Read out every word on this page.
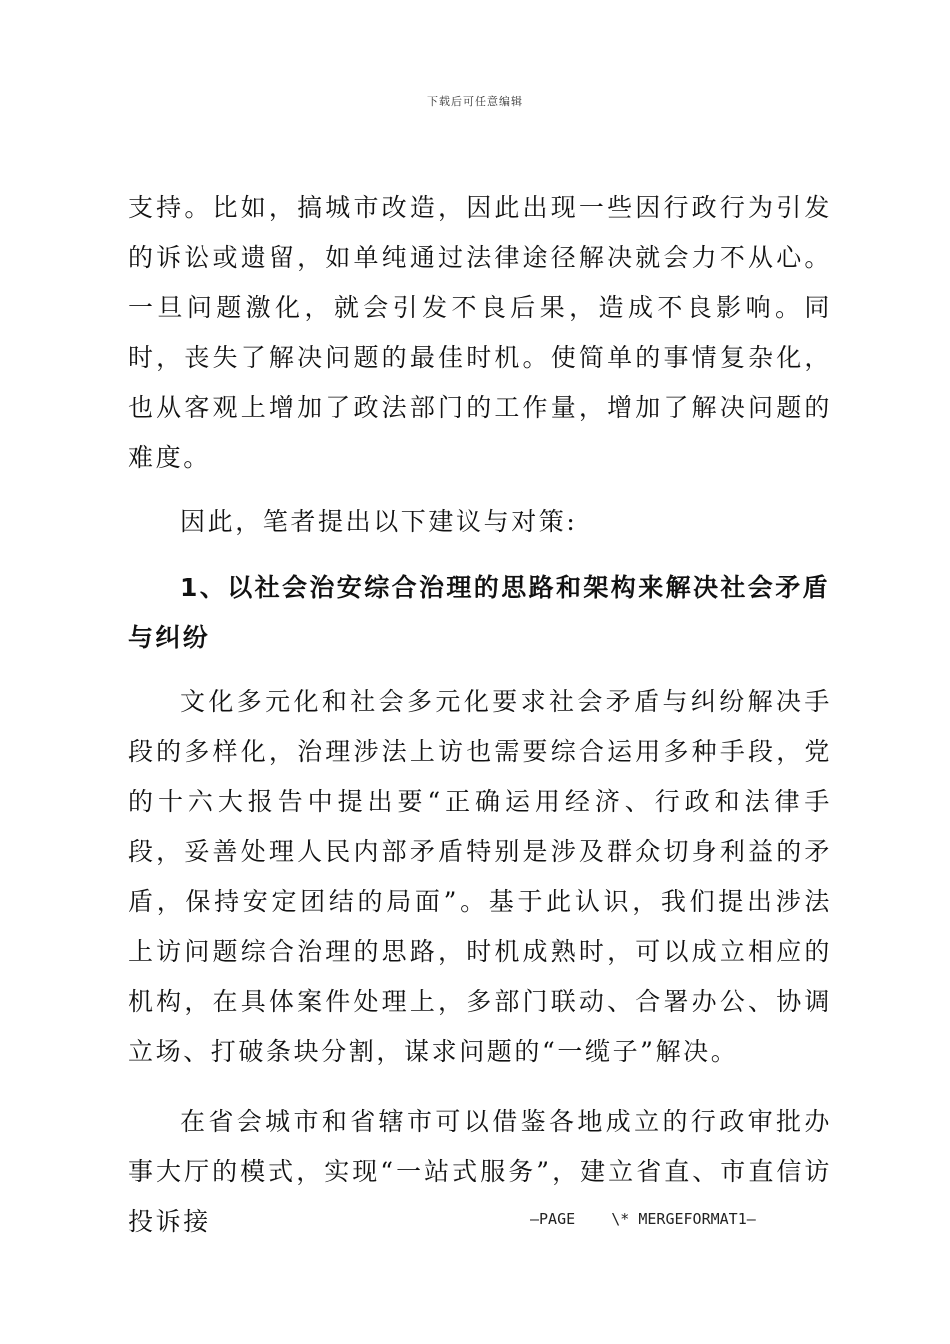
下载后可任意编辑

支持。比如，搞城市改造，因此出现一些因行政行为引发的诉讼或遗留，如单纯通过法律途径解决就会力不从心。一旦问题激化，就会引发不良后果，造成不良影响。同时，丧失了解决问题的最佳时机。使简单的事情复杂化，也从客观上增加了政法部门的工作量，增加了解决问题的难度。

因此，笔者提出以下建议与对策:

1、以社会治安综合治理的思路和架构来解决社会矛盾与纠纷

文化多元化和社会多元化要求社会矛盾与纠纷解决手段的多样化，治理涉法上访也需要综合运用多种手段，党的十六大报告中提出要“正确运用经济、行政和法律手段，妥善处理人民内部矛盾特别是涉及群众切身利益的矛盾，保持安定团结的局面”。基于此认识，我们提出涉法上访问题综合治理的思路，时机成熟时，可以成立相应的机构，在具体案件处理上，多部门联动、合署办公、协调立场、打破条块分割，谋求问题的“一缆子”解决。

在省会城市和省辖市可以借鉴各地成立的行政审批办事大厅的模式，实现“一站式服务”，建立省直、市直信访投诉接	—PAGE    \* MERGEFORMAT1—
